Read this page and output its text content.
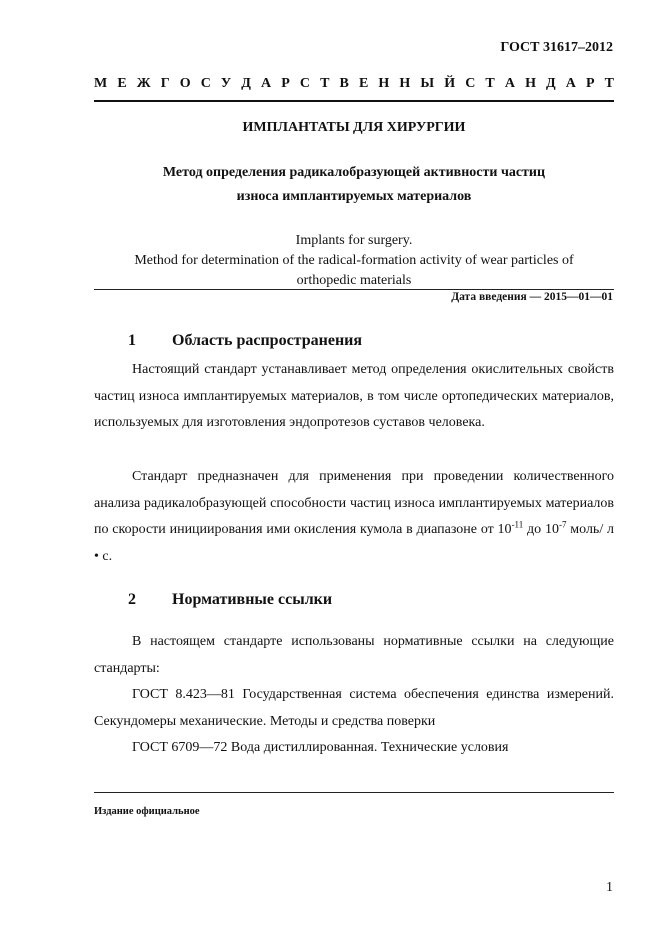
ГОСТ 31617–2012
М Е Ж Г О С У Д А Р С Т В Е Н Н Ы Й С Т А Н Д А Р Т
ИМПЛАНТАТЫ ДЛЯ ХИРУРГИИ
Метод определения радикалобразующей активности частиц
износа имплантируемых материалов
Implants for surgery.
Method for determination of the radical-formation activity of wear particles of
orthopedic materials
Дата введения — 2015—01—01
1 Область распространения
Настоящий стандарт устанавливает метод определения окислительных свойств частиц износа имплантируемых материалов, в том числе ортопедических материалов, используемых для изготовления эндопротезов суставов человека.
Стандарт предназначен для применения при проведении количественного анализа радикалобразующей способности частиц износа имплантируемых материалов по скорости инициирования ими окисления кумола в диапазоне от $10^{-11}$ до $10^{-7}$ моль/ л • с.
2 Нормативные ссылки
В настоящем стандарте использованы нормативные ссылки на следующие стандарты:
ГОСТ 8.423—81 Государственная система обеспечения единства измерений. Секундомеры механические. Методы и средства поверки
ГОСТ 6709—72 Вода дистиллированная. Технические условия
Издание официальное
1
